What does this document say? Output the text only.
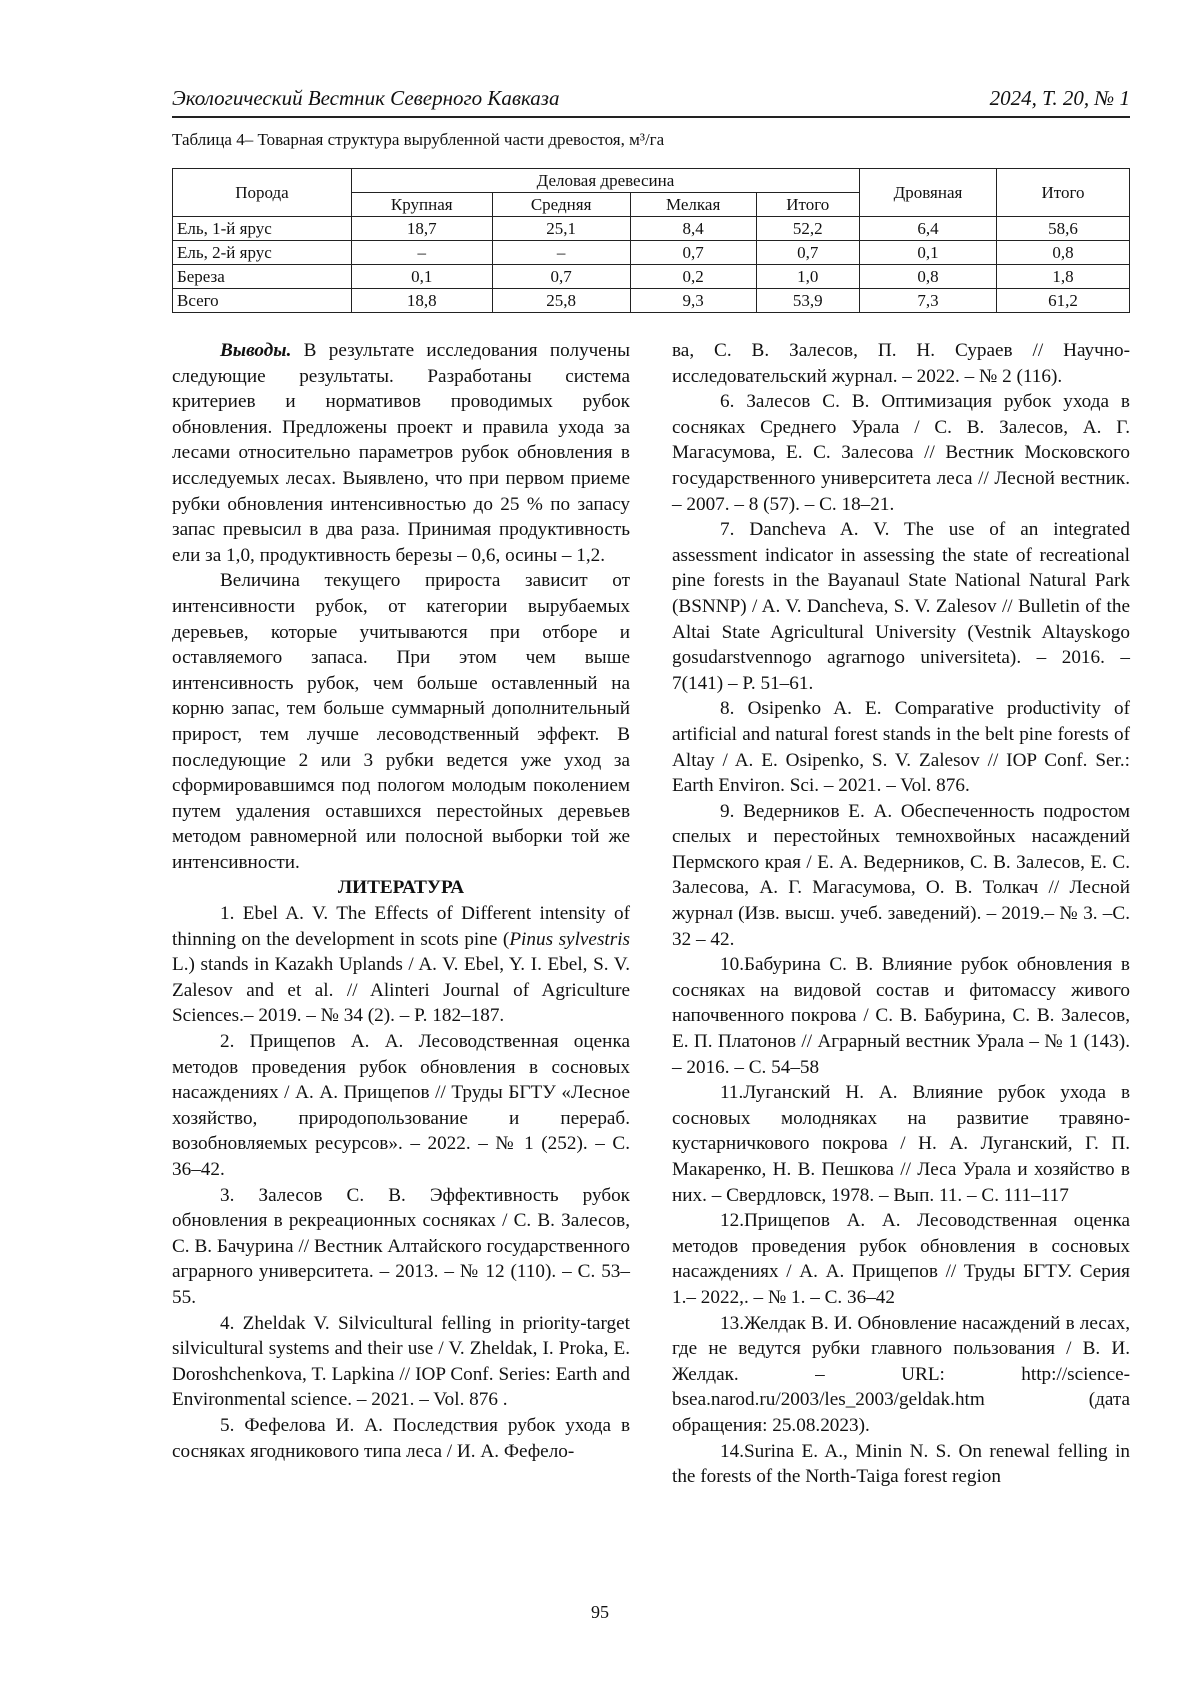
Экологический Вестник Северного Кавказа	2024, Т. 20, № 1
Таблица 4– Товарная структура вырубленной части древостоя, м³/га
Порода	Деловая древесина				Дровяная	Итого
	Крупная	Средняя	Мелкая	Итого		
Ель, 1-й ярус	18,7	25,1	8,4	52,2	6,4	58,6
Ель, 2-й ярус	–	–	0,7	0,7	0,1	0,8
Береза	0,1	0,7	0,2	1,0	0,8	1,8
Всего	18,8	25,8	9,3	53,9	7,3	61,2

Выводы. В результате исследования получены следующие результаты. Разработаны система критериев и нормативов проводимых рубок обновления. Предложены проект и правила ухода за лесами относительно параметров рубок обновления в исследуемых лесах. Выявлено, что при первом приеме рубки обновления интенсивностью до 25 % по запасу запас превысил в два раза. Принимая продуктивность ели за 1,0, продуктивность березы – 0,6, осины – 1,2.

Величина текущего прироста зависит от интенсивности рубок, от категории вырубаемых деревьев, которые учитываются при отборе и оставляемого запаса. При этом чем выше интенсивность рубок, чем больше оставленный на корню запас, тем больше суммарный дополнительный прирост, тем лучше лесоводственный эффект. В последующие 2 или 3 рубки ведется уже уход за сформировавшимся под пологом молодым поколением путем удаления оставшихся перестойных деревьев методом равномерной или полосной выборки той же интенсивности.

ЛИТЕРАТУРА

1. Ebel A. V. The Effects of Different intensity of thinning on the development in scots pine (Pinus sylvestris L.) stands in Kazakh Uplands / A. V. Ebel, Y. I. Ebel, S. V. Zalesov and et al. // Alinteri Journal of Agriculture Sciences.– 2019. – № 34 (2). – P. 182–187.

2. Прищепов А. А. Лесоводственная оценка методов проведения рубок обновления в сосновых насаждениях / А. А. Прищепов // Труды БГТУ «Лесное хозяйство, природопользование и перераб. возобновляемых ресурсов». – 2022. – № 1 (252). – С. 36–42.

3. Залесов С. В. Эффективность рубок обновления в рекреационных сосняках / С. В. Залесов, С. В. Бачурина // Вестник Алтайского государственного аграрного университета. – 2013. – № 12 (110). – С. 53–55.

4. Zheldak V. Silvicultural felling in priority-target silvicultural systems and their use / V. Zheldak, I. Proka, E. Doroshchenkova, T. Lapkina // IOP Conf. Series: Earth and Environmental science. – 2021. – Vol. 876 .

5. Фефелова И. А. Последствия рубок ухода в сосняках ягодникового типа леса / И. А. Фефело-

ва, С. В. Залесов, П. Н. Сураев // Научно-исследовательский журнал. – 2022. – № 2 (116).

6. Залесов С. В. Оптимизация рубок ухода в сосняках Среднего Урала / С. В. Залесов, А. Г. Магасумова, Е. С. Залесова // Вестник Московского государственного университета леса // Лесной вестник. – 2007. – 8 (57). – С. 18–21.

7. Dancheva A. V. The use of an integrated assessment indicator in assessing the state of recreational pine forests in the Bayanaul State National Natural Park (BSNNP) / A. V. Dancheva, S. V. Zalesov // Bulletin of the Altai State Agricultural University (Vestnik Altayskogo gosudarstvennogo agrarnogo universiteta). – 2016. – 7(141) – P. 51–61.

8. Osipenko A. E. Comparative productivity of artificial and natural forest stands in the belt pine forests of Altay / A. E. Osipenko, S. V. Zalesov // IOP Conf. Ser.: Earth Environ. Sci. – 2021. – Vol. 876.

9. Ведерников Е. А. Обеспеченность подростом спелых и перестойных темнохвойных насаждений Пермского края / Е. А. Ведерников, С. В. Залесов, Е. С. Залесова, А. Г. Магасумова, О. В. Толкач // Лесной журнал (Изв. высш. учеб. заведений). – 2019.– № 3. –С. 32 – 42.

10.Бабурина С. В. Влияние рубок обновления в сосняках на видовой состав и фитомассу живого напочвенного покрова / С. В. Бабурина, С. В. Залесов, Е. П. Платонов // Аграрный вестник Урала – № 1 (143). – 2016. – С. 54–58

11.Луганский Н. А. Влияние рубок ухода в сосновых молодняках на развитие травяно-кустарничкового покрова / Н. А. Луганский, Г. П. Макаренко, Н. В. Пешкова // Леса Урала и хозяйство в них. – Свердловск, 1978. – Вып. 11. – С. 111–117

12.Прищепов А. А. Лесоводственная оценка методов проведения рубок обновления в сосновых насаждениях / А. А. Прищепов // Труды БГТУ. Серия 1.– 2022,. – № 1. – С. 36–42

13.Желдак В. И. Обновление насаждений в лесах, где не ведутся рубки главного пользования / В. И. Желдак. – URL: http://science-bsea.narod.ru/2003/les_2003/geldak.htm (дата обращения: 25.08.2023).

14.Surina E. A., Minin N. S. On renewal felling in the forests of the North-Taiga forest region

95
